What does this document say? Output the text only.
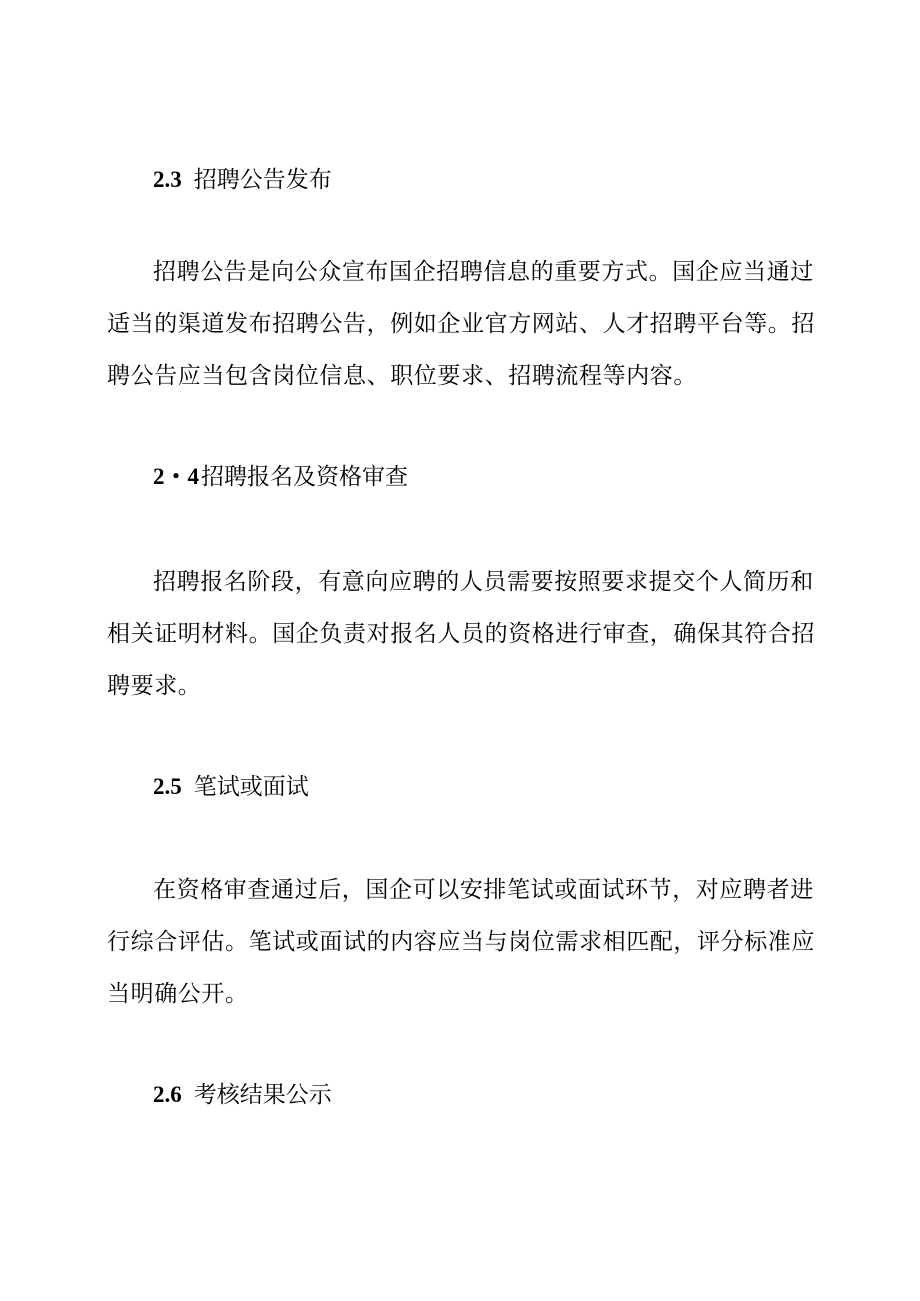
2.3 招聘公告发布

招聘公告是向公众宣布国企招聘信息的重要方式。国企应当通过适当的渠道发布招聘公告，例如企业官方网站、人才招聘平台等。招聘公告应当包含岗位信息、职位要求、招聘流程等内容。

2・4招聘报名及资格审查

招聘报名阶段，有意向应聘的人员需要按照要求提交个人简历和相关证明材料。国企负责对报名人员的资格进行审查，确保其符合招聘要求。

2.5 笔试或面试

在资格审查通过后，国企可以安排笔试或面试环节，对应聘者进行综合评估。笔试或面试的内容应当与岗位需求相匹配，评分标准应当明确公开。

2.6 考核结果公示
